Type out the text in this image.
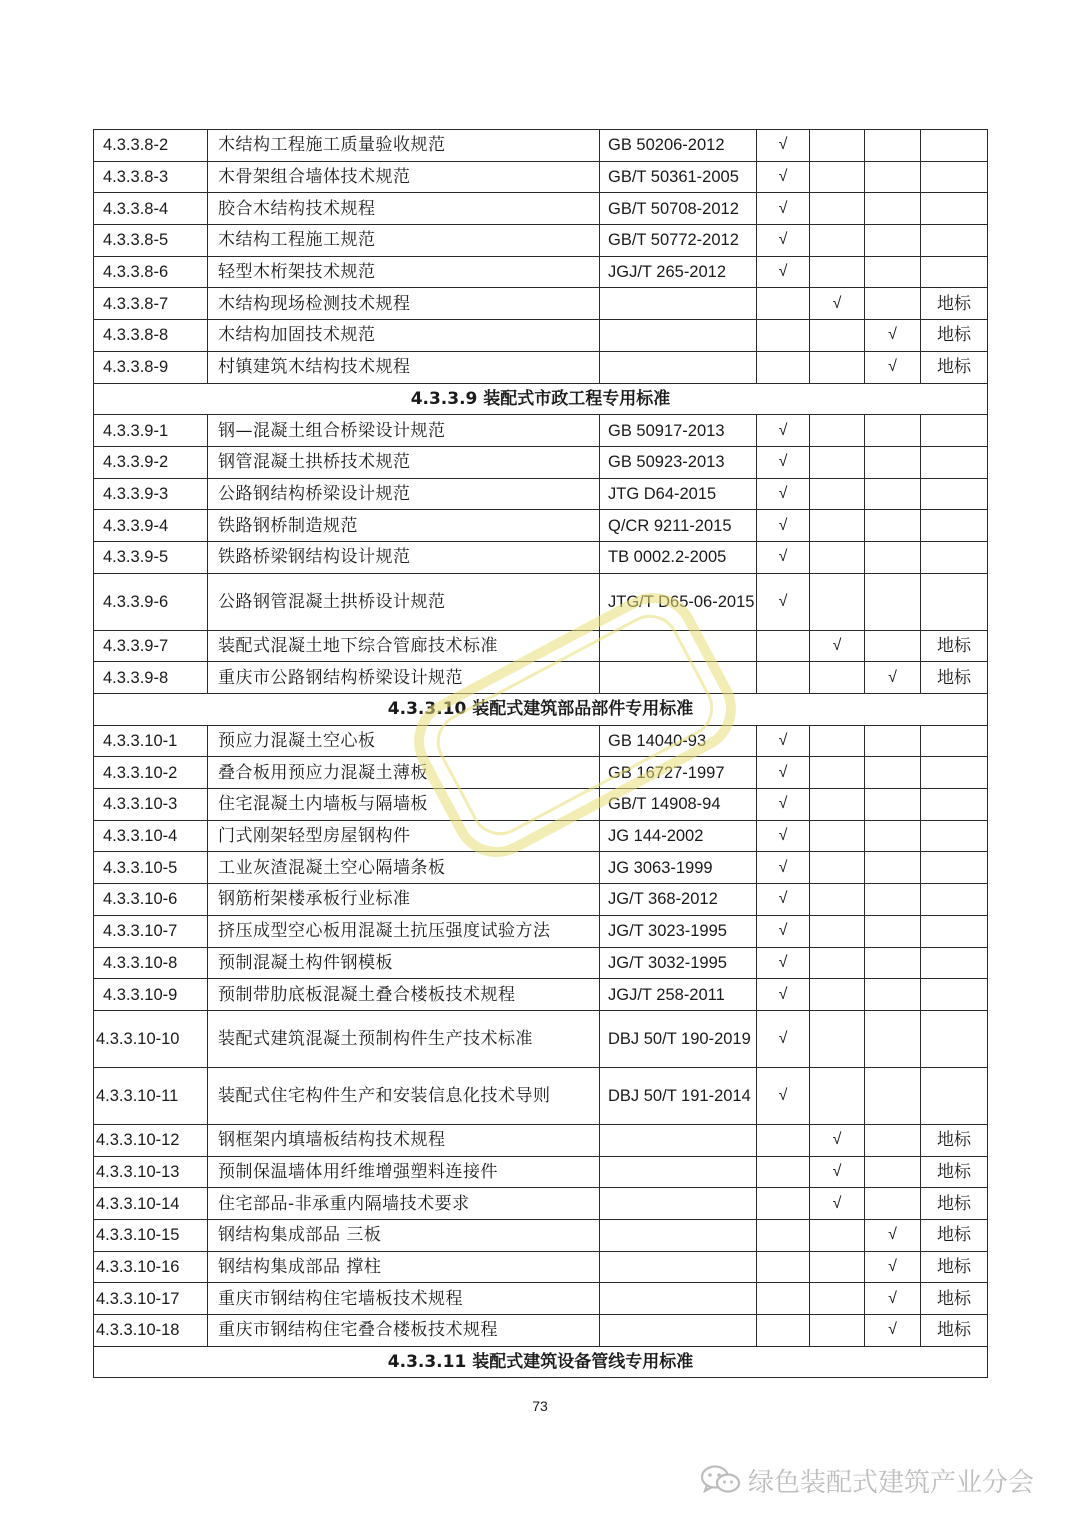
4.3.3.8-2	木结构工程施工质量验收规范	GB 50206-2012	√			
4.3.3.8-3	木骨架组合墙体技术规范	GB/T 50361-2005	√			
4.3.3.8-4	胶合木结构技术规程	GB/T 50708-2012	√			
4.3.3.8-5	木结构工程施工规范	GB/T 50772-2012	√			
4.3.3.8-6	轻型木桁架技术规范	JGJ/T 265-2012	√			
4.3.3.8-7	木结构现场检测技术规程			√		地标
4.3.3.8-8	木结构加固技术规范				√	地标
4.3.3.8-9	村镇建筑木结构技术规程				√	地标
4.3.3.9 装配式市政工程专用标准						
4.3.3.9-1	钢—混凝土组合桥梁设计规范	GB 50917-2013	√			
4.3.3.9-2	钢管混凝土拱桥技术规范	GB 50923-2013	√			
4.3.3.9-3	公路钢结构桥梁设计规范	JTG D64-2015	√			
4.3.3.9-4	铁路钢桥制造规范	Q/CR 9211-2015	√			
4.3.3.9-5	铁路桥梁钢结构设计规范	TB 0002.2-2005	√			
4.3.3.9-6	公路钢管混凝土拱桥设计规范	JTG/T D65-06-2015	√			
4.3.3.9-7	装配式混凝土地下综合管廊技术标准			√		地标
4.3.3.9-8	重庆市公路钢结构桥梁设计规范				√	地标
4.3.3.10 装配式建筑部品部件专用标准						
4.3.3.10-1	预应力混凝土空心板	GB 14040-93	√			
4.3.3.10-2	叠合板用预应力混凝土薄板	GB 16727-1997	√			
4.3.3.10-3	住宅混凝土内墙板与隔墙板	GB/T 14908-94	√			
4.3.3.10-4	门式刚架轻型房屋钢构件	JG 144-2002	√			
4.3.3.10-5	工业灰渣混凝土空心隔墙条板	JG 3063-1999	√			
4.3.3.10-6	钢筋桁架楼承板行业标准	JG/T 368-2012	√			
4.3.3.10-7	挤压成型空心板用混凝土抗压强度试验方法	JG/T 3023-1995	√			
4.3.3.10-8	预制混凝土构件钢模板	JG/T 3032-1995	√			
4.3.3.10-9	预制带肋底板混凝土叠合楼板技术规程	JGJ/T 258-2011	√			
4.3.3.10-10	装配式建筑混凝土预制构件生产技术标准	DBJ 50/T 190-2019	√			
4.3.3.10-11	装配式住宅构件生产和安装信息化技术导则	DBJ 50/T 191-2014	√			
4.3.3.10-12	钢框架内填墙板结构技术规程			√		地标
4.3.3.10-13	预制保温墙体用纤维增强塑料连接件			√		地标
4.3.3.10-14	住宅部品-非承重内隔墙技术要求			√		地标
4.3.3.10-15	钢结构集成部品 三板				√	地标
4.3.3.10-16	钢结构集成部品 撑柱				√	地标
4.3.3.10-17	重庆市钢结构住宅墙板技术规程				√	地标
4.3.3.10-18	重庆市钢结构住宅叠合楼板技术规程				√	地标
4.3.3.11 装配式建筑设备管线专用标准						
73
绿色装配式建筑产业分会
